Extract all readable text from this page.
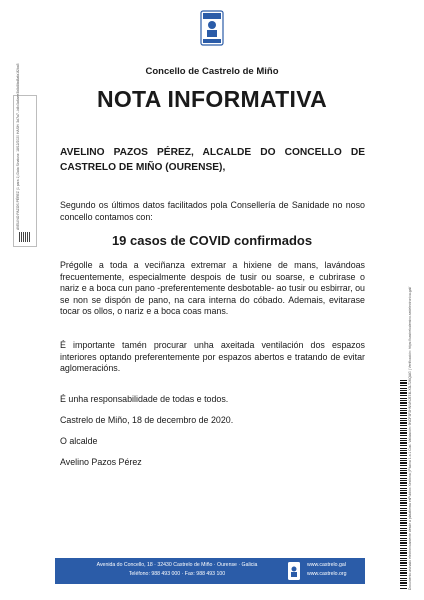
Concello de Castrelo de Miño
NOTA INFORMATIVA
AVELINO PAZOS PÉREZ, ALCALDE DO CONCELLO DE CASTRELO DE MIÑO (OURENSE),
Segundo os últimos datos facilitados pola Consellería de Sanidade no noso concello contamos con:
19 casos de COVID confirmados
Prégolle a toda a veciñanza extremar a hixiene de mans, lavándoas frecuentemente, especialmente despois de tusir ou soarse, e cubrirase o nariz e a boca cun pano -preferentemente desbotable- ao tusir ou esbirrar, ou se non se dispón de pano, na cara interna do cóbado. Ademais, evitarase tocar os ollos, o nariz e a boca coas mans.
É importante tamén procurar unha axeitada ventilación dos espazos interiores optando preferentemente por espazos abertos e tratando de evitar aglomeracións.
É unha responsabilidade de todas e todos.
Castrelo de Miño, 18 de decembro de 2020.
O alcalde
Avelino Pazos Pérez
AVELINO PAZOS PÉREZ (1 para 1) Data Sinatura: 18/12/2020 HASH: 3d7a7...b8c3a6aee3b8d8bd8afa1f2ba5
Documento asinado electronicamente desde a plataforma esPublico Xestiona | Páxina 1 a 1 Cod. Validación: 9NCF3F2HNWNJ3T4LX3LT2KQAG | Verificación: https://castrelodemino.sedelectronica.gal/
Avenida do Concello, 18 · 32430 Castrelo de Miño · Ourense · Galicia
Teléfono: 988 493 000 · Fax: 988 493 100
www.castrelo.gal
www.castrelo.org
